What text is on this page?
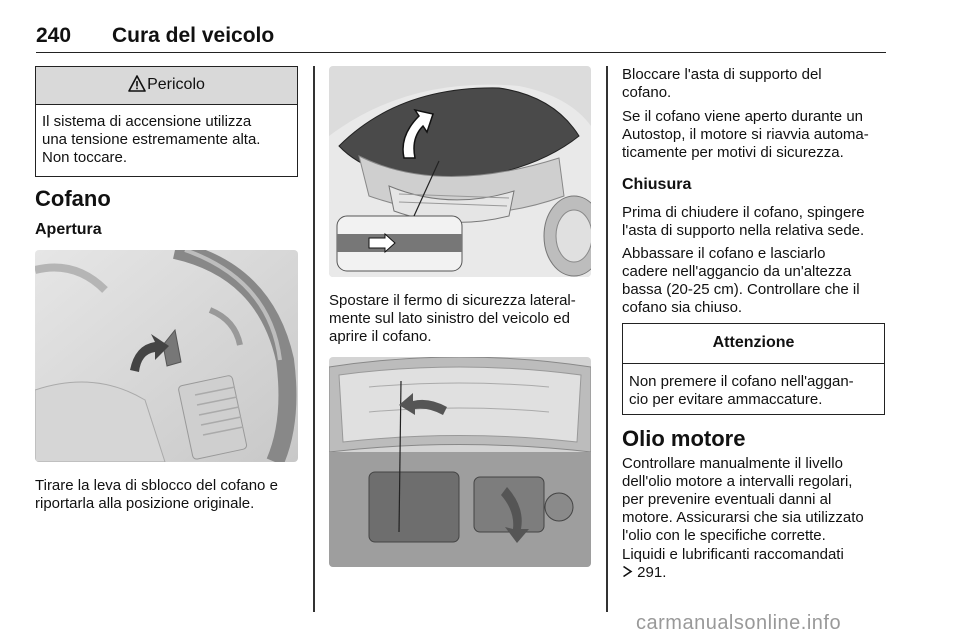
240 Cura del veicolo
Pericolo
Il sistema di accensione utilizza
una tensione estremamente alta.
Non toccare.
Cofano
Apertura
Tirare la leva di sblocco del cofano e
riportarla alla posizione originale.
Spostare il fermo di sicurezza lateral-
mente sul lato sinistro del veicolo ed
aprire il cofano.
Bloccare l'asta di supporto del
cofano.
Se il cofano viene aperto durante un
Autostop, il motore si riavvia automa-
ticamente per motivi di sicurezza.
Chiusura
Prima di chiudere il cofano, spingere
l'asta di supporto nella relativa sede.
Abbassare il cofano e lasciarlo
cadere nell'aggancio da un'altezza
bassa (20-25 cm). Controllare che il
cofano sia chiuso.
Attenzione
Non premere il cofano nell'aggan-
cio per evitare ammaccature.
Olio motore
Controllare manualmente il livello
dell'olio motore a intervalli regolari,
per prevenire eventuali danni al
motore. Assicurarsi che sia utilizzato
l'olio con le specifiche corrette.
Liquidi e lubrificanti raccomandati
291.
carmanualsonline.info
